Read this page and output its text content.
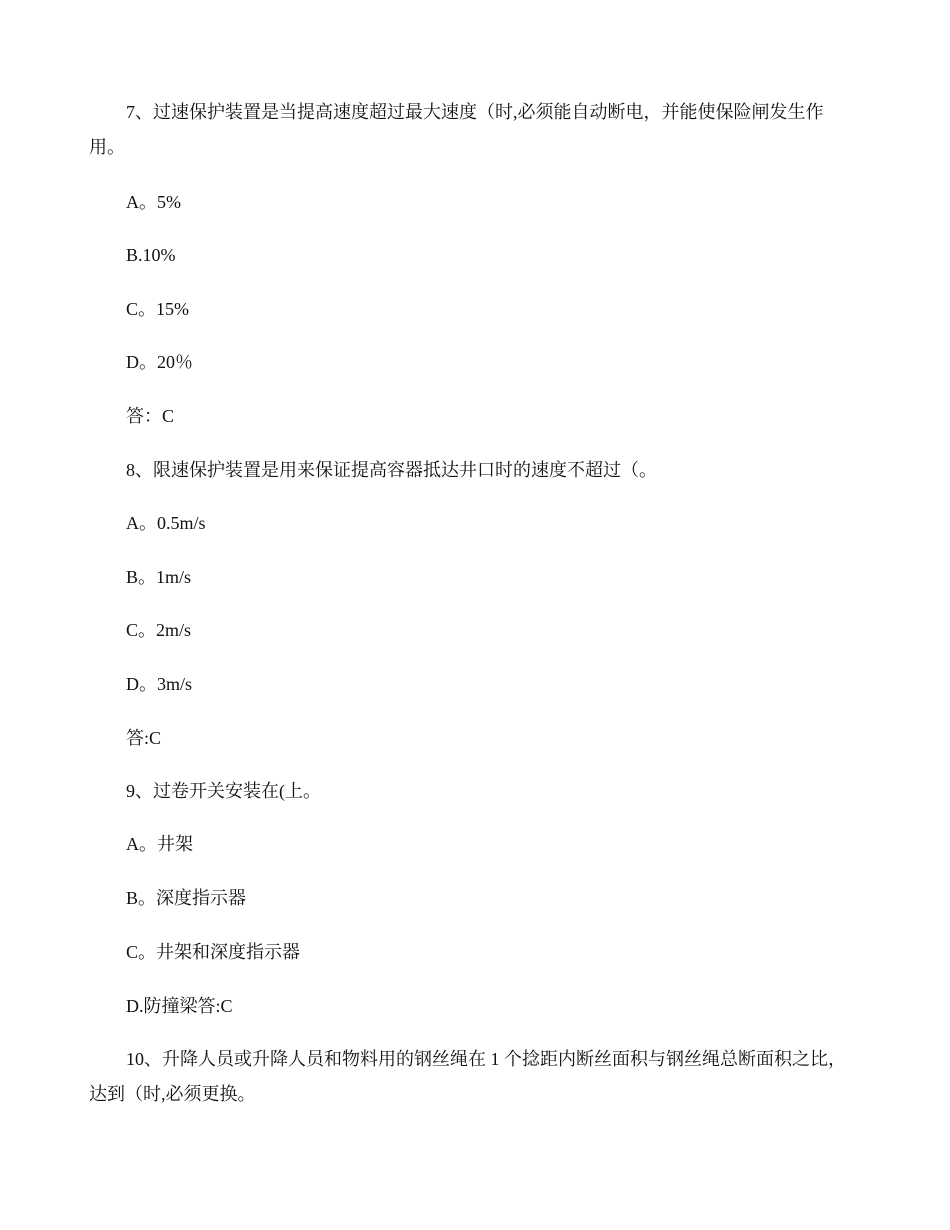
7、过速保护装置是当提高速度超过最大速度（时,必须能自动断电，并能使保险闸发生作
用。
A。5%
B.10%
C。15%
D。20％
答：C
8、限速保护装置是用来保证提高容器抵达井口时的速度不超过（。
A。0.5m/s
B。1m/s
C。2m/s
D。3m/s
答:C
9、过卷开关安装在(上。
A。井架
B。深度指示器
C。井架和深度指示器
D.防撞梁答:C
10、升降人员或升降人员和物料用的钢丝绳在 1 个捻距内断丝面积与钢丝绳总断面积之比，
达到（时,必须更换。
